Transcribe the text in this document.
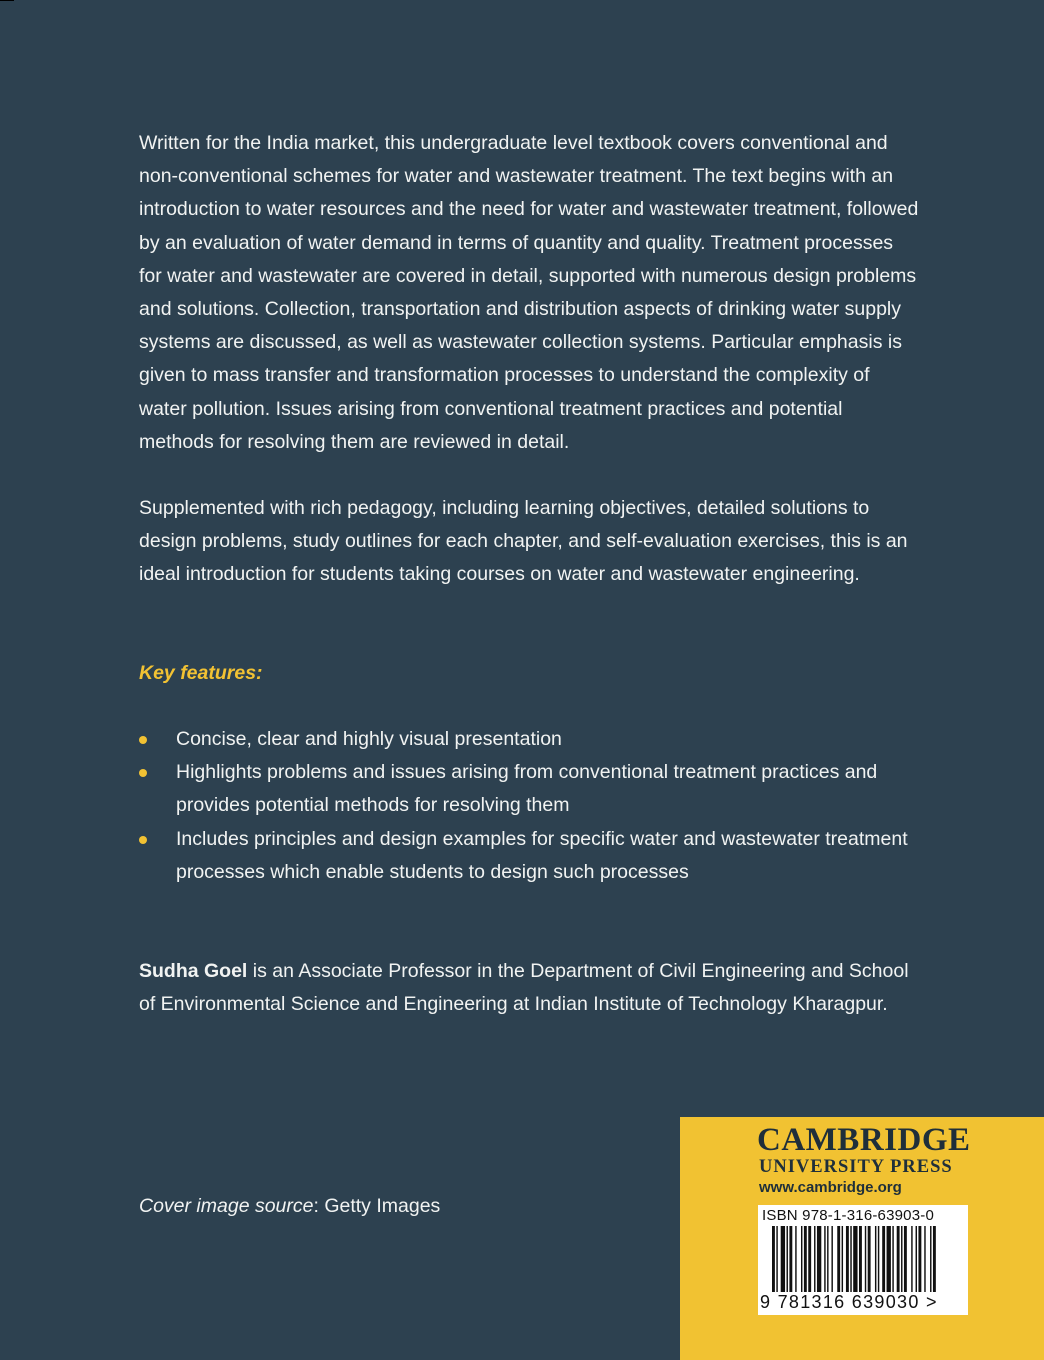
Written for the India market, this undergraduate level textbook covers conventional and non-conventional schemes for water and wastewater treatment. The text begins with an introduction to water resources and the need for water and wastewater treatment, followed by an evaluation of water demand in terms of quantity and quality. Treatment processes for water and wastewater are covered in detail, supported with numerous design problems and solutions. Collection, transportation and distribution aspects of drinking water supply systems are discussed, as well as wastewater collection systems. Particular emphasis is given to mass transfer and transformation processes to understand the complexity of water pollution. Issues arising from conventional treatment practices and potential methods for resolving them are reviewed in detail.

Supplemented with rich pedagogy, including learning objectives, detailed solutions to design problems, study outlines for each chapter, and self-evaluation exercises, this is an ideal introduction for students taking courses on water and wastewater engineering.

Key features:
Concise, clear and highly visual presentation
Highlights problems and issues arising from conventional treatment practices and provides potential methods for resolving them
Includes principles and design examples for specific water and wastewater treatment processes which enable students to design such processes
Sudha Goel is an Associate Professor in the Department of Civil Engineering and School of Environmental Science and Engineering at Indian Institute of Technology Kharagpur.
Cover image source: Getty Images
CAMBRIDGE
UNIVERSITY PRESS
www.cambridge.org
ISBN 978-1-316-63903-0
9 781316 639030 >
